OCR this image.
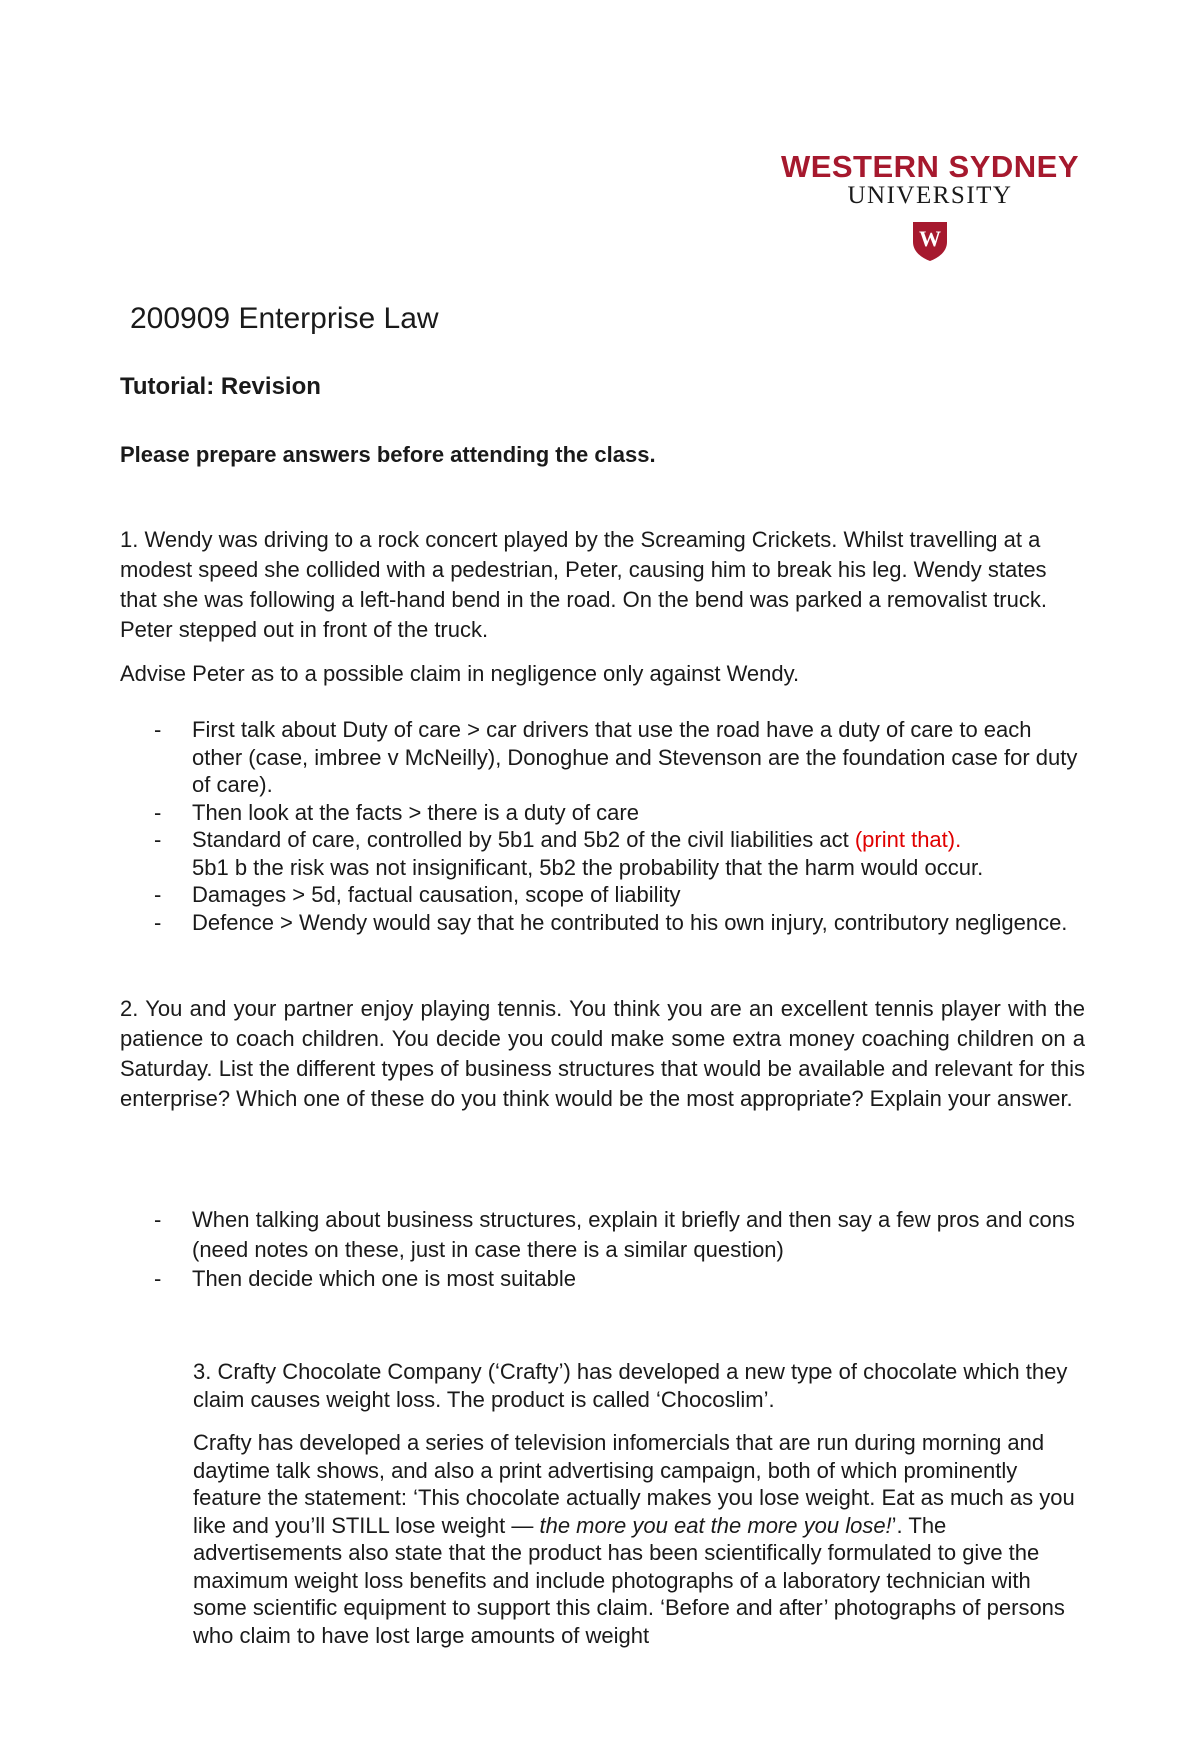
WESTERN SYDNEY
UNIVERSITY
W
200909 Enterprise Law
Tutorial: Revision
Please prepare answers before attending the class.
1. Wendy was driving to a rock concert played by the Screaming Crickets. Whilst travelling at a modest speed she collided with a pedestrian, Peter, causing him to break his leg. Wendy states that she was following a left-hand bend in the road. On the bend was parked a removalist truck. Peter stepped out in front of the truck.
Advise Peter as to a possible claim in negligence only against Wendy.
- First talk about Duty of care > car drivers that use the road have a duty of care to each other (case, imbree v McNeilly), Donoghue and Stevenson are the foundation case for duty of care).
- Then look at the facts > there is a duty of care
- Standard of care, controlled by 5b1 and 5b2 of the civil liabilities act (print that).
5b1 b the risk was not insignificant, 5b2 the probability that the harm would occur.
- Damages > 5d, factual causation, scope of liability
- Defence > Wendy would say that he contributed to his own injury, contributory negligence.
2. You and your partner enjoy playing tennis. You think you are an excellent tennis player with the patience to coach children. You decide you could make some extra money coaching children on a Saturday. List the different types of business structures that would be available and relevant for this enterprise? Which one of these do you think would be the most appropriate? Explain your answer.
- When talking about business structures, explain it briefly and then say a few pros and cons (need notes on these, just in case there is a similar question)
- Then decide which one is most suitable

3. Crafty Chocolate Company (‘Crafty’) has developed a new type of chocolate which they claim causes weight loss. The product is called ‘Chocoslim’.

Crafty has developed a series of television infomercials that are run during morning and daytime talk shows, and also a print advertising campaign, both of which prominently feature the statement: ‘This chocolate actually makes you lose weight. Eat as much as you like and you’ll STILL lose weight — the more you eat the more you lose!’. The advertisements also state that the product has been scientifically formulated to give the maximum weight loss benefits and include photographs of a laboratory technician with some scientific equipment to support this claim. ‘Before and after’ photographs of persons who claim to have lost large amounts of weight
